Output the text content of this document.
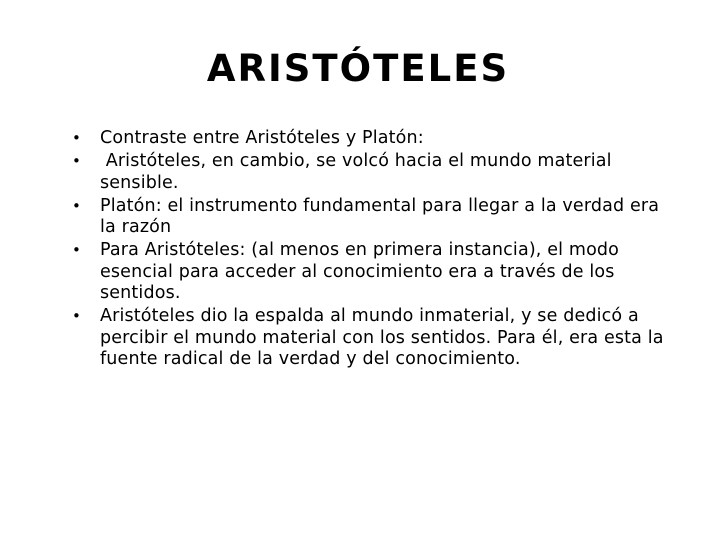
ARISTÓTELES
• Contraste entre Aristóteles y Platón:
• Aristóteles, en cambio, se volcó hacia el mundo material sensible.
• Platón: el instrumento fundamental para llegar a la verdad era la razón
• Para Aristóteles: (al menos en primera instancia), el modo esencial para acceder al conocimiento era a través de los sentidos.
• Aristóteles dio la espalda al mundo inmaterial, y se dedicó a percibir el mundo material con los sentidos. Para él, era esta la fuente radical de la verdad y del conocimiento.
